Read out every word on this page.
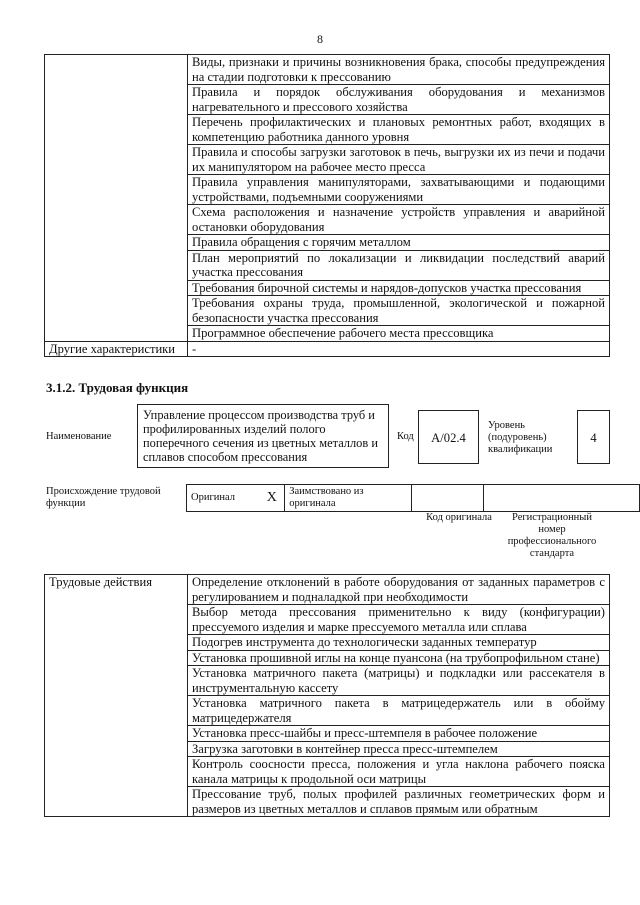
8
	Виды, признаки и причины возникновения брака, способы предупреждения на стадии подготовки к прессованию
	Правила и порядок обслуживания оборудования и механизмов нагревательного и прессового хозяйства
	Перечень профилактических и плановых ремонтных работ, входящих в компетенцию работника данного уровня
	Правила и способы загрузки заготовок в печь, выгрузки их из печи и подачи их манипулятором на рабочее место пресса
	Правила управления манипуляторами, захватывающими и подающими устройствами, подъемными сооружениями
	Схема расположения и назначение устройств управления и аварийной остановки оборудования
	Правила обращения с горячим металлом
	План мероприятий по локализации и ликвидации последствий аварий участка прессования
	Требования бирочной системы и нарядов-допусков участка прессования
	Требования охраны труда, промышленной, экологической и пожарной безопасности участка прессования
	Программное обеспечение рабочего места прессовщика
Другие характеристики	-
3.1.2. Трудовая функция
Наименование
Управление процессом производства труб и профилированных изделий полого поперечного сечения из цветных металлов и сплавов способом прессования
Код	А/02.4
Уровень (подуровень) квалификации
4
Происхождение трудовой функции
Оригинал	X	Заимствовано из оригинала		
Код оригинала	Регистрационный номер профессионального стандарта
Трудовые действия	Определение отклонений в работе оборудования от заданных параметров с регулированием и подналадкой при необходимости
Выбор метода прессования применительно к виду (конфигурации) прессуемого изделия и марке прессуемого металла или сплава
Подогрев инструмента до технологически заданных температур
Установка прошивной иглы на конце пуансона (на трубопрофильном стане)
Установка матричного пакета (матрицы) и подкладки или рассекателя в инструментальную кассету
Установка матричного пакета в матрицедержатель или в обойму матрицедержателя
Установка пресс-шайбы и пресс-штемпеля в рабочее положение
Загрузка заготовки в контейнер пресса пресс-штемпелем
Контроль соосности пресса, положения и угла наклона рабочего пояска канала матрицы к продольной оси матрицы
Прессование труб, полых профилей различных геометрических форм и размеров из цветных металлов и сплавов прямым или обратным
